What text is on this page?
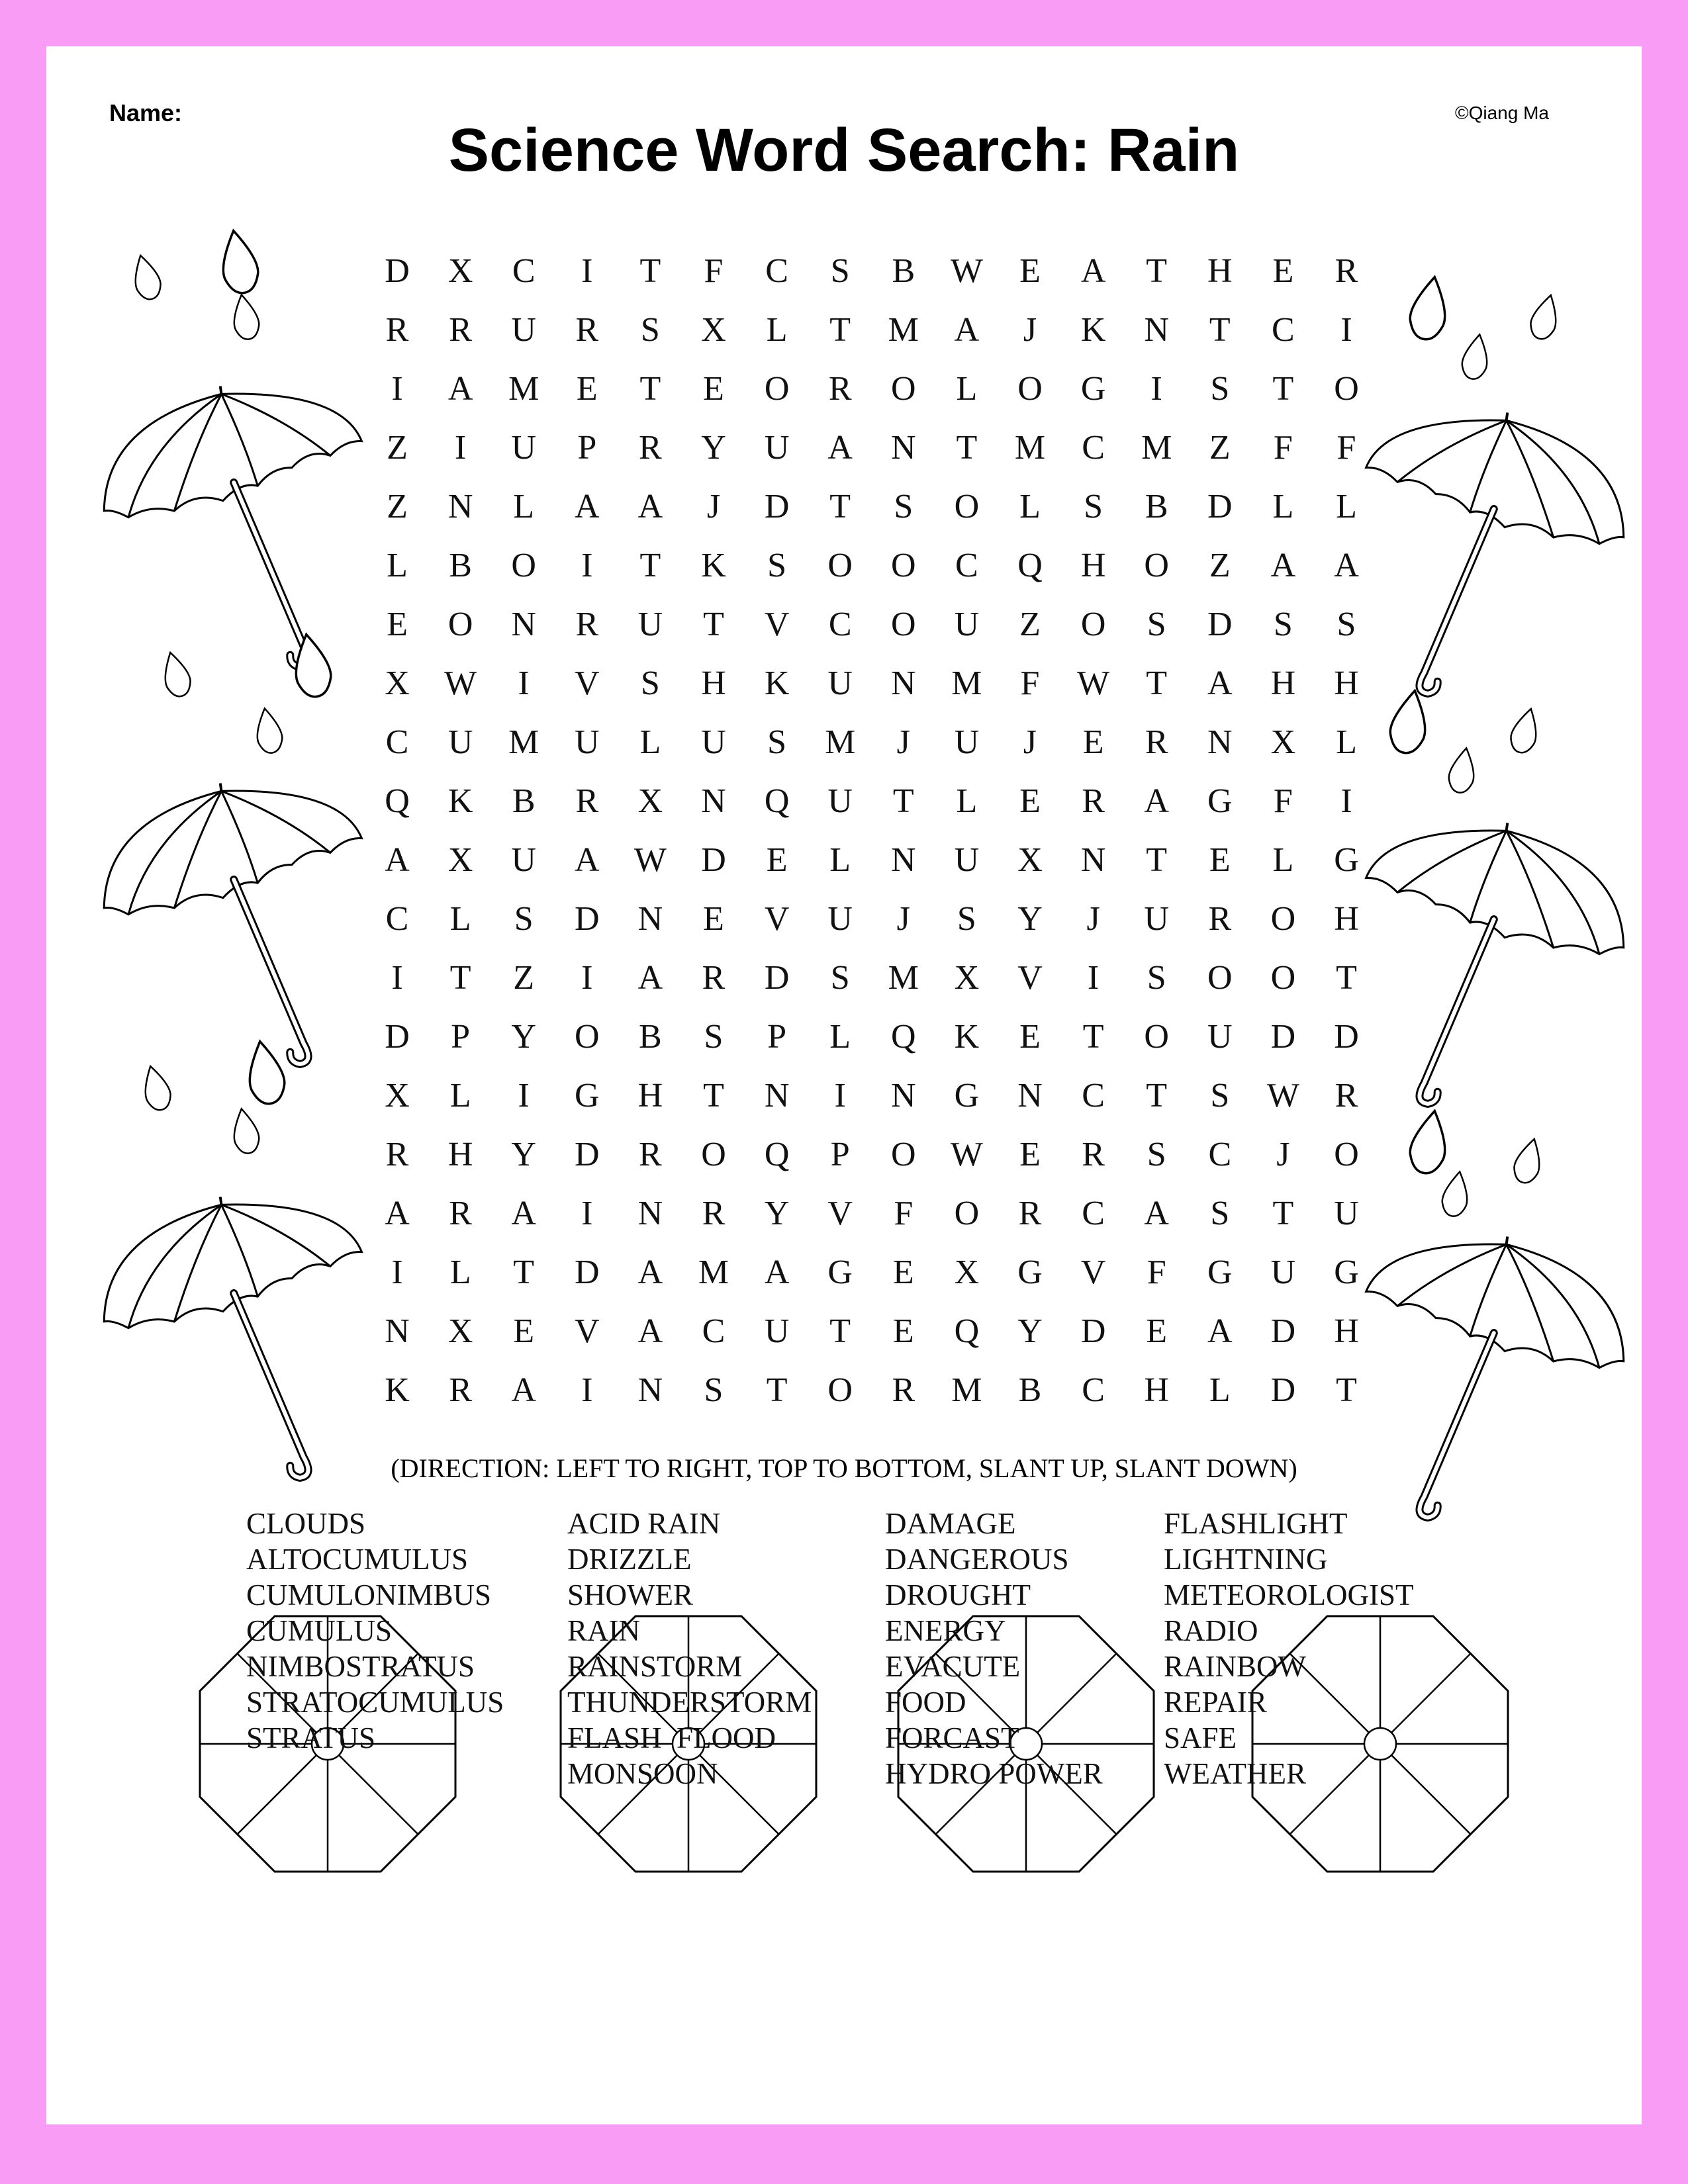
Name:	©Qiang Ma
Science Word Search: Rain
D X C	I	T F C S B W E A T H E R
R R U R S X L T M A	J	K N T C	I
I	A M E T E O R O L O G	I	S T O
Z	I	U P R Y U A N T M C M Z F F
Z N L A A	J	D T S O L S B D L L
L B O	I	T K S O O C Q H O Z A A
E O N R U T V C O U Z O S D S S
X W	I	V S H K U N M F W T A H H
C U M U L U S M	J	U	J	E R N X L
Q K B R X N Q U T L E R A G F	I
A X U A W D E L N U X N T E L G
C L S D N E V U	J	S Y	J	U R O H
I	T Z	I	A R D S M X V	I	S O O T
D P Y O B S P L Q K E T O U D D
X L	I	G H T N	I	N G N C T S W R
R H Y D R O Q P O W E R S C	J	O
A R A	I	N R Y V F O R C A S T U
I	L T D A M A G E X G V F G U G
N X E V A C U T E Q Y D E A D H
K R A	I	N S T O R M B C H L D T
(DIRECTION: LEFT TO RIGHT, TOP TO BOTTOM, SLANT UP, SLANT DOWN)
CLOUDS
ALTOCUMULUS
CUMULONIMBUS
CUMULUS
NIMBOSTRATUS
STRATOCUMULUS
STRATUS
ACID RAIN
DRIZZLE
SHOWER
RAIN
RAINSTORM
THUNDERSTORM
FLASH  FLOOD
MONSOON
DAMAGE
DANGEROUS
DROUGHT
ENERGY
EVACUTE
FOOD
FORCAST
HYDRO POWER
FLASHLIGHT
LIGHTNING
METEOROLOGIST
RADIO
RAINBOW
REPAIR
SAFE
WEATHER
